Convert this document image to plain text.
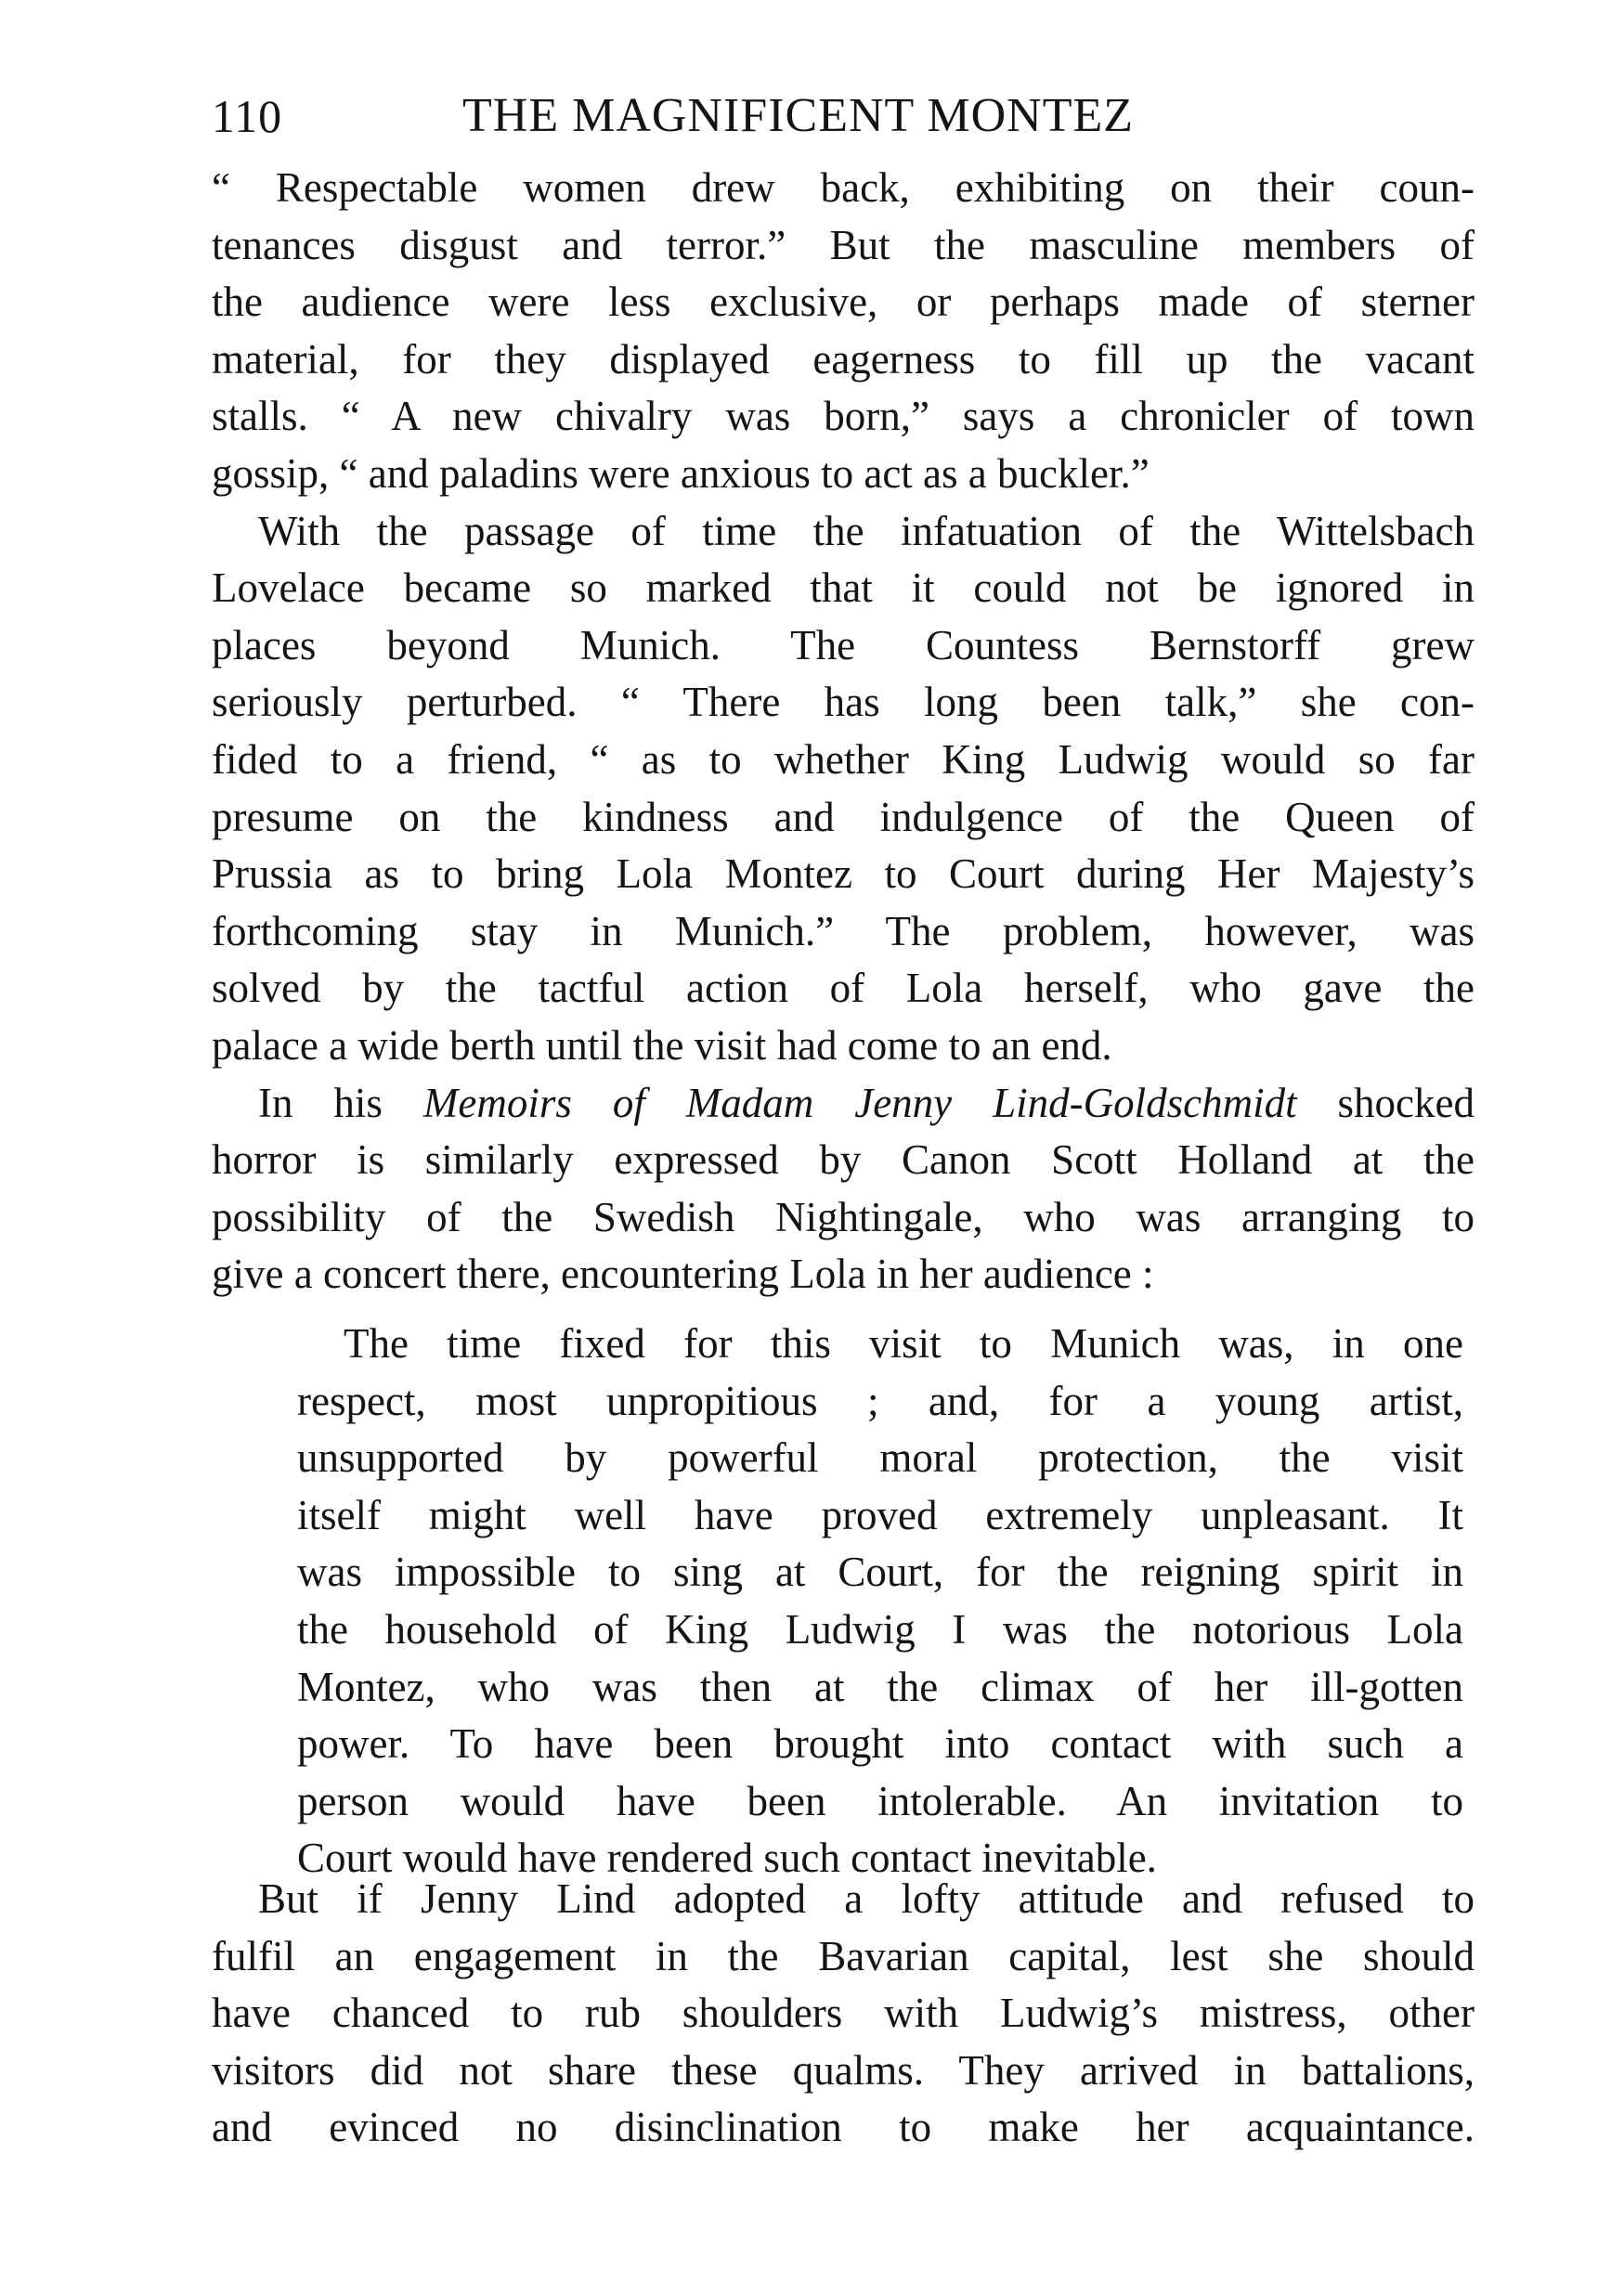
110	THE MAGNIFICENT MONTEZ
“ Respectable women drew back, exhibiting on their coun-
tenances disgust and terror.” But the masculine members of
the audience were less exclusive, or perhaps made of sterner
material, for they displayed eagerness to fill up the vacant
stalls. “ A new chivalry was born,” says a chronicler of town
gossip, “ and paladins were anxious to act as a buckler.”
With the passage of time the infatuation of the Wittelsbach
Lovelace became so marked that it could not be ignored in
places beyond Munich. The Countess Bernstorff grew
seriously perturbed. “ There has long been talk,” she con-
fided to a friend, “ as to whether King Ludwig would so far
presume on the kindness and indulgence of the Queen of
Prussia as to bring Lola Montez to Court during Her Majesty’s
forthcoming stay in Munich.” The problem, however, was
solved by the tactful action of Lola herself, who gave the
palace a wide berth until the visit had come to an end.
In his Memoirs of Madam Jenny Lind-Goldschmidt shocked
horror is similarly expressed by Canon Scott Holland at the
possibility of the Swedish Nightingale, who was arranging to
give a concert there, encountering Lola in her audience :
The time fixed for this visit to Munich was, in one
respect, most unpropitious ; and, for a young artist,
unsupported by powerful moral protection, the visit
itself might well have proved extremely unpleasant. It
was impossible to sing at Court, for the reigning spirit in
the household of King Ludwig I was the notorious Lola
Montez, who was then at the climax of her ill-gotten
power. To have been brought into contact with such a
person would have been intolerable. An invitation to
Court would have rendered such contact inevitable.
But if Jenny Lind adopted a lofty attitude and refused to
fulfil an engagement in the Bavarian capital, lest she should
have chanced to rub shoulders with Ludwig’s mistress, other
visitors did not share these qualms. They arrived in battalions,
and evinced no disinclination to make her acquaintance.
